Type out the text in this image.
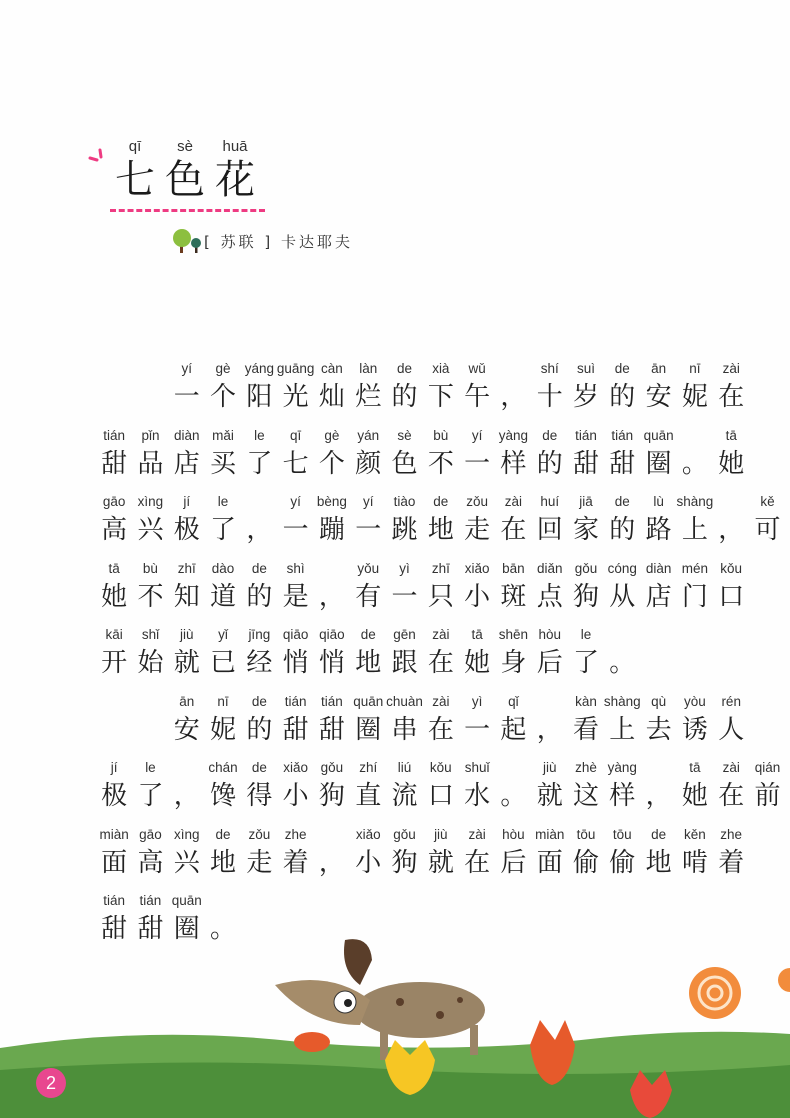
qī	sè	huā
七 色 花
[ 苏联 ] 卡达耶夫
yí
一
gè
个
yáng
阳
guāng
光
càn
灿
làn
烂
de
的
xià
下
wǔ
午 ，
shí
十
suì
岁
de
的
ān
安
nī
妮
zài
在
tián
甜
pǐn
品
diàn
店
mǎi
买
le
了
qī
七
gè
个
yán
颜
sè
色
bù
不
yí
一
yàng
样
de
的
tián
甜
tián
甜
quān
圈 。
tā
她
gāo
高
xìng
兴
jí
极
le
了 ，
yí
一
bèng
蹦
yí
一
tiào
跳
de
地
zǒu
走
zài
在
huí
回
jiā
家
de
的
lù
路
shàng
上 ，
kě
可
tā
她
bù
不
zhī
知
dào
道
de
的
shì
是 ，
yǒu
有
yì
一
zhī
只
xiǎo
小
bān
斑
diǎn
点
gǒu
狗
cóng
从
diàn
店
mén
门
kǒu
口
kāi
开
shǐ
始
jiù
就
yǐ
已
jīng
经
qiāo
悄
qiāo
悄
de
地
gēn
跟
zài
在
tā
她
shēn
身
hòu
后
le
了 。
ān
安
nī
妮
de
的
tián
甜
tián
甜
quān
圈
chuàn
串
zài
在
yì
一
qǐ
起 ，
kàn
看
shàng
上
qù
去
yòu
诱
rén
人
jí
极
le
了 ，
chán
馋
de
得
xiǎo
小
gǒu
狗
zhí
直
liú
流
kǒu
口
shuǐ
水 。
jiù
就
zhè
这
yàng
样 ，
tā
她
zài
在
qián
前
miàn
面
gāo
高
xìng
兴
de
地
zǒu
走
zhe
着 ，
xiǎo
小
gǒu
狗
jiù
就
zài
在
hòu
后
miàn
面
tōu
偷
tōu
偷
de
地
kěn
啃
zhe
着
tián
甜
tián
甜
quān
圈 。
2
